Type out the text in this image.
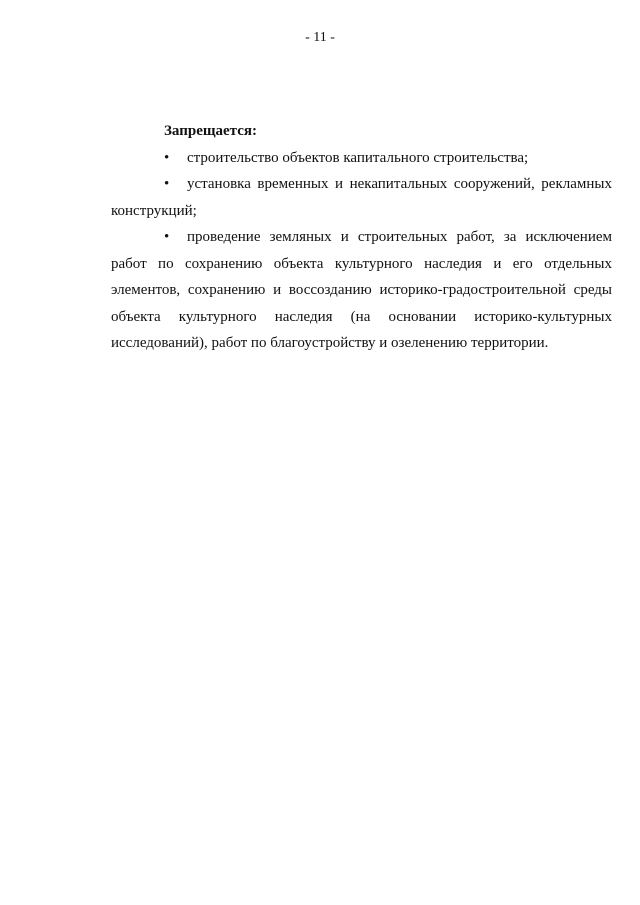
- 11 -

Запрещается:

• строительство объектов капитального строительства;

• установка временных и некапитальных сооружений, рекламных конструкций;

• проведение земляных и строительных работ, за исключением работ по сохранению объекта культурного наследия и его отдельных элементов, сохранению и воссозданию историко-градостроительной среды объекта культурного наследия (на основании историко-культурных исследований), работ по благоустройству и озеленению территории.
